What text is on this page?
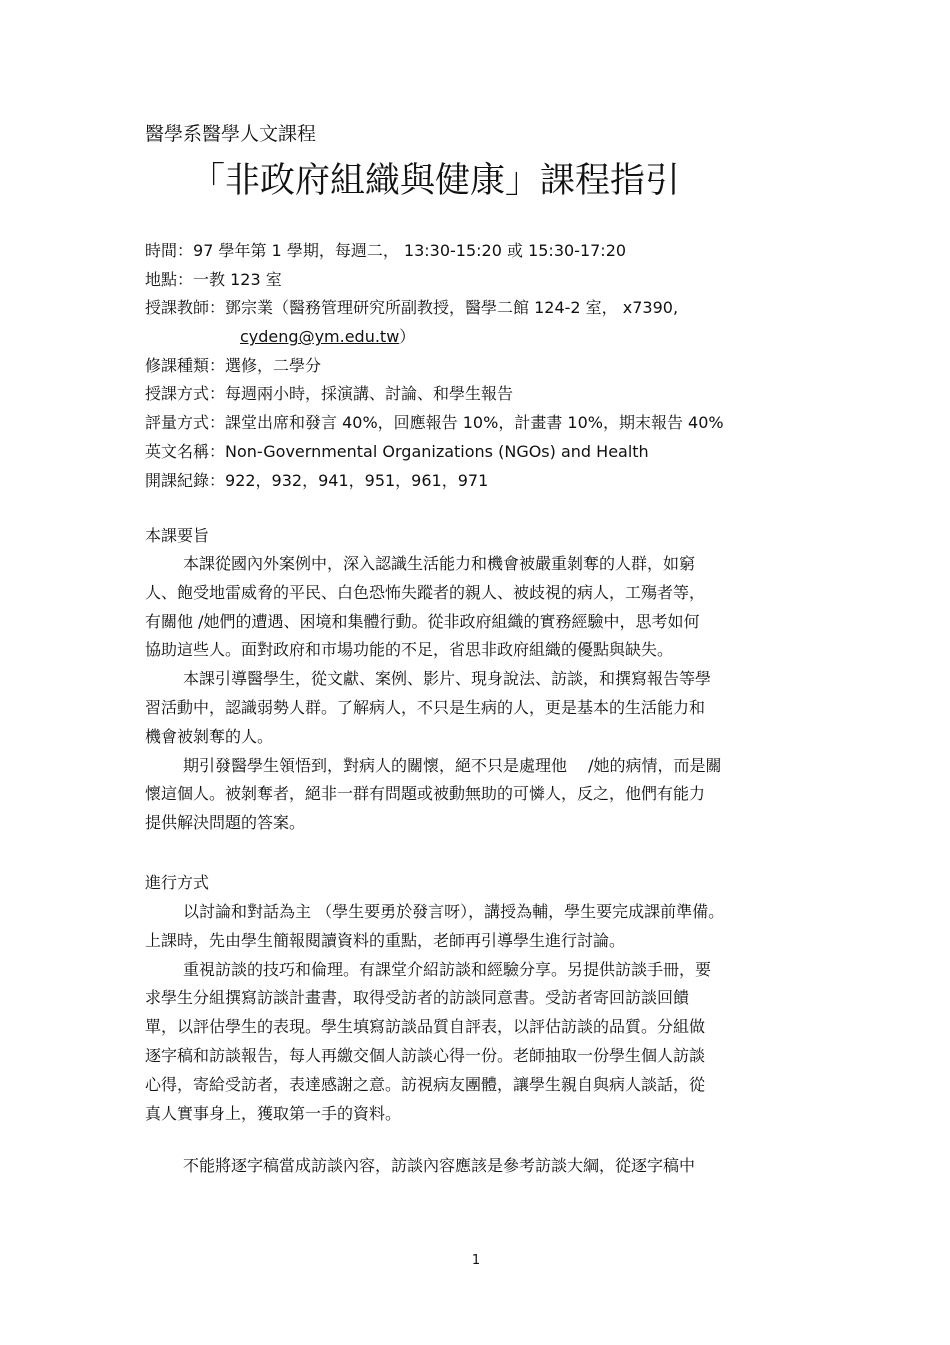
醫學系醫學人文課程
「非政府組織與健康」課程指引
時間：97 學年第 1 學期，每週二， 13:30-15:20 或 15:30-17:20
地點：一教 123 室
授課教師：鄧宗業（醫務管理研究所副教授，醫學二館 124-2 室， x7390,
cydeng@ym.edu.tw）
修課種類：選修，二學分
授課方式：每週兩小時，採演講、討論、和學生報告
評量方式：課堂出席和發言 40%，回應報告 10%，計畫書 10%，期末報告 40%
英文名稱：Non-Governmental Organizations (NGOs) and Health
開課紀錄：922，932，941，951，961，971
本課要旨
本課從國內外案例中，深入認識生活能力和機會被嚴重剝奪的人群，如窮
人、飽受地雷威脅的平民、白色恐怖失蹤者的親人、被歧視的病人，工殤者等，
有關他 /她們的遭遇、困境和集體行動。從非政府組織的實務經驗中，思考如何
協助這些人。面對政府和市場功能的不足，省思非政府組織的優點與缺失。
本課引導醫學生，從文獻、案例、影片、現身說法、訪談，和撰寫報告等學
習活動中，認識弱勢人群。了解病人，不只是生病的人，更是基本的生活能力和
機會被剝奪的人。
期引發醫學生領悟到，對病人的關懷，絕不只是處理他　 /她的病情，而是關
懷這個人。被剝奪者，絕非一群有問題或被動無助的可憐人，反之，他們有能力
提供解決問題的答案。
進行方式
以討論和對話為主 （學生要勇於發言呀），講授為輔，學生要完成課前準備。
上課時，先由學生簡報閱讀資料的重點，老師再引導學生進行討論。
重視訪談的技巧和倫理。有課堂介紹訪談和經驗分享。另提供訪談手冊，要
求學生分組撰寫訪談計畫書，取得受訪者的訪談同意書。受訪者寄回訪談回饋
單，以評估學生的表現。學生填寫訪談品質自評表，以評估訪談的品質。分組做
逐字稿和訪談報告，每人再繳交個人訪談心得一份。老師抽取一份學生個人訪談
心得，寄給受訪者，表達感謝之意。訪視病友團體，讓學生親自與病人談話，從
真人實事身上，獲取第一手的資料。
不能將逐字稿當成訪談內容，訪談內容應該是參考訪談大綱，從逐字稿中
1
